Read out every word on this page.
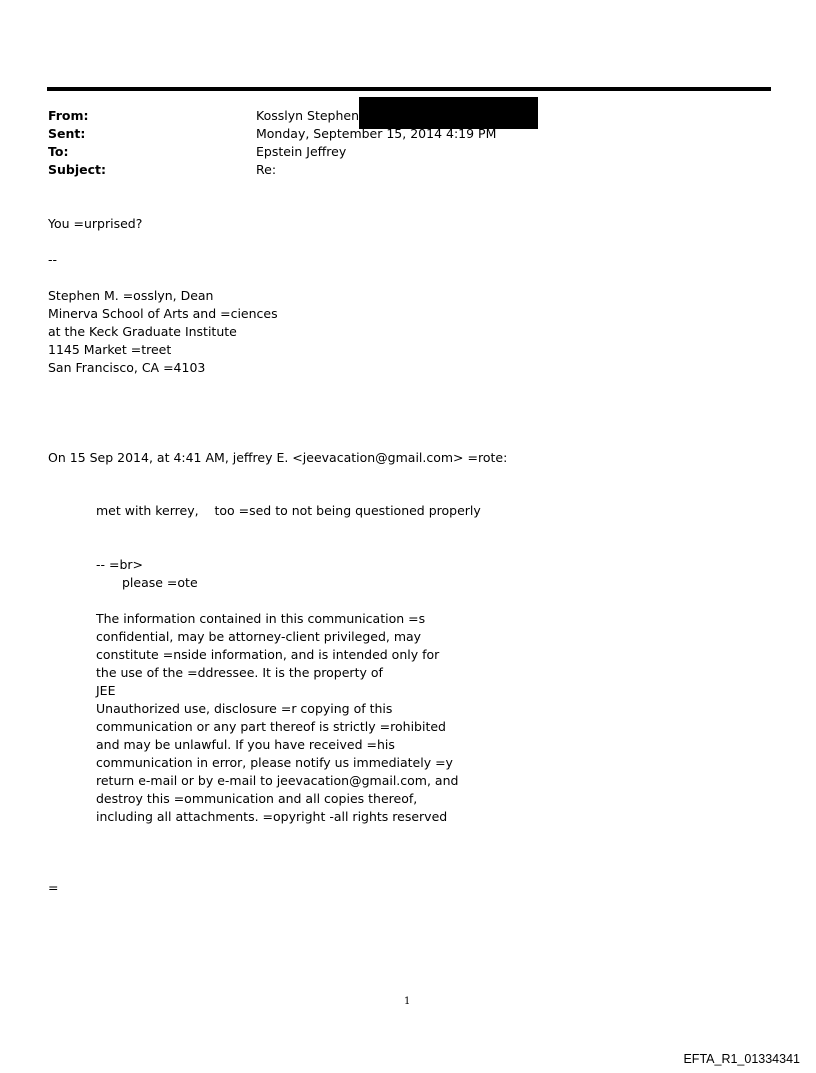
From:	Kosslyn Stephen
Sent:	Monday, September 15, 2014 4:19 PM
To:	Epstein Jeffrey
Subject:	Re:
You =urprised?
--
Stephen M. =osslyn, Dean
Minerva School of Arts and =ciences
at the Keck Graduate Institute
1145 Market =treet
San Francisco, CA =4103
On 15 Sep 2014, at 4:41 AM, jeffrey E. <jeevacation@gmail.com> =rote:
met with kerrey,    too =sed to not being questioned properly
-- =br>
please =ote
The information contained in this communication =s
confidential, may be attorney-client privileged, may
constitute =nside information, and is intended only for
the use of the =ddressee. It is the property of
JEE
Unauthorized use, disclosure =r copying of this
communication or any part thereof is strictly =rohibited
and may be unlawful. If you have received =his
communication in error, please notify us immediately =y
return e-mail or by e-mail to jeevacation@gmail.com, and
destroy this =ommunication and all copies thereof,
including all attachments. =opyright -all rights reserved
=
1
EFTA_R1_01334341
